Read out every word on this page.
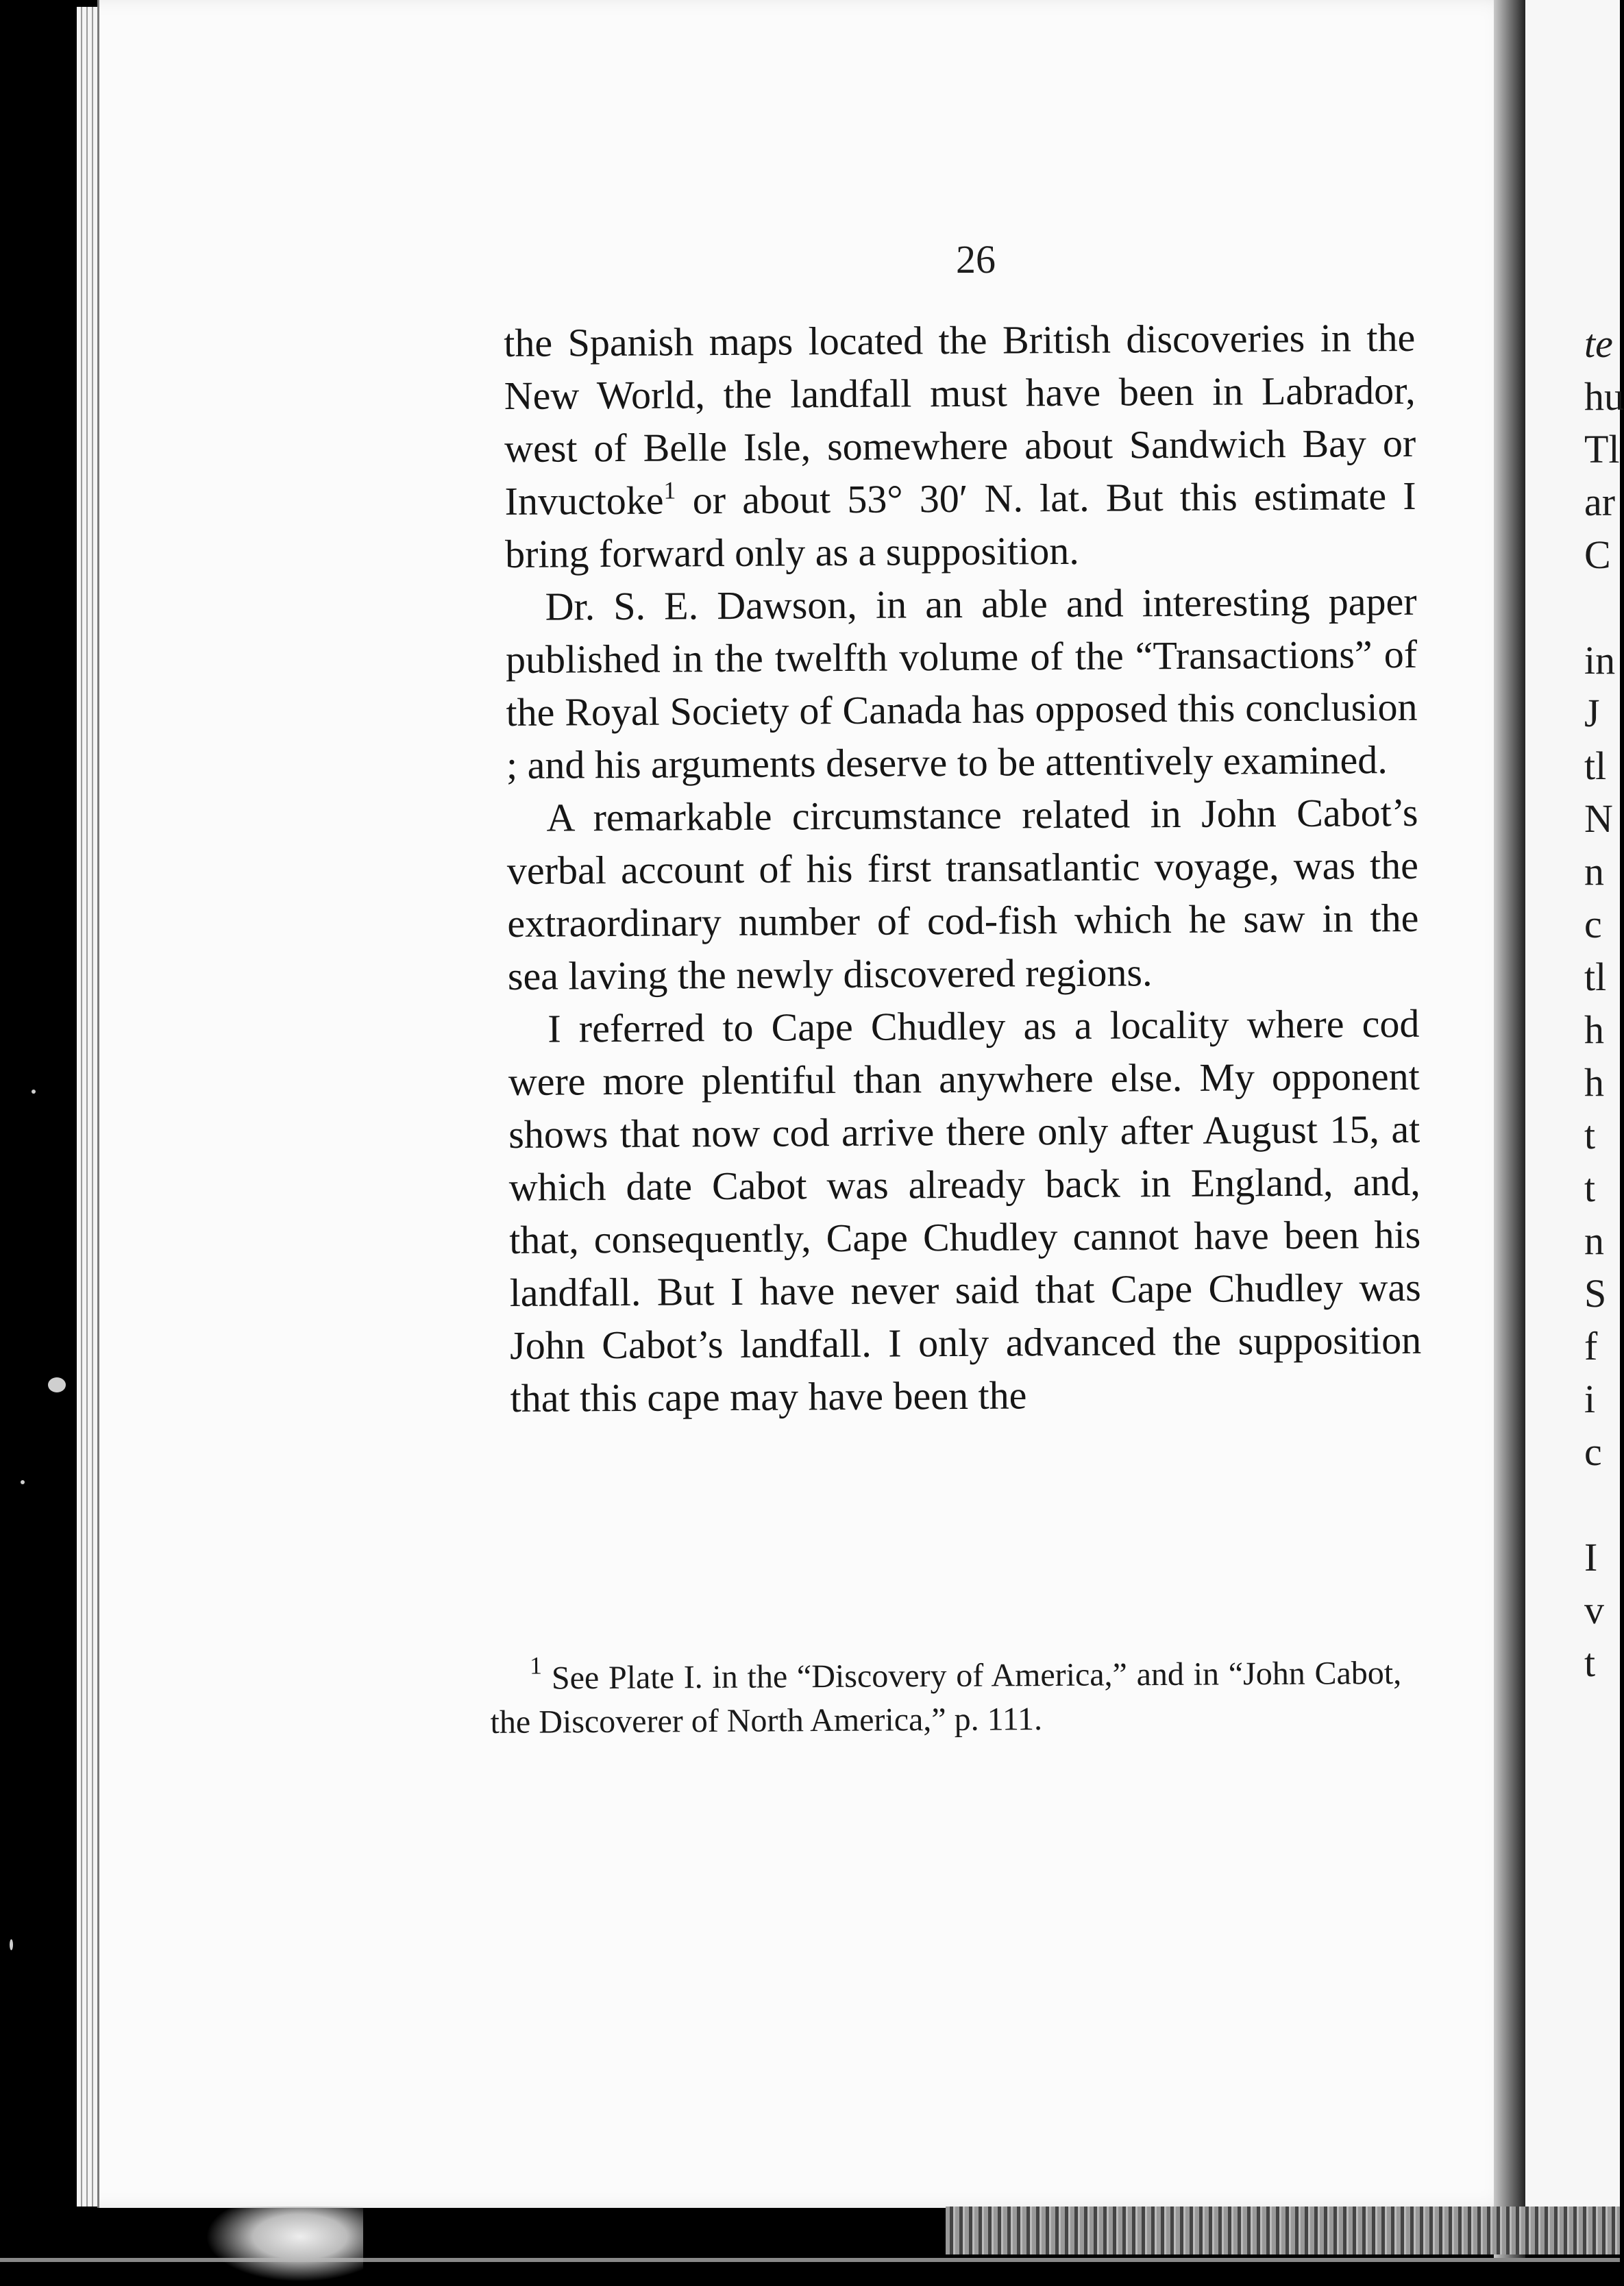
te
hu
Tl
ar
C
in
J
tl
N
n
c
tl
h
h
t
t
n
S
f
i
c
I
v
t
26

the Spanish maps located the British discoveries in the New World, the landfall must have been in Labrador, west of Belle Isle, somewhere about Sandwich Bay or Invuctoke$^1$ or about 53° 30′ N. lat. But this estimate I bring forward only as a supposition.

Dr. S. E. Dawson, in an able and interesting paper published in the twelfth volume of the “Transactions” of the Royal Society of Canada has opposed this conclusion ; and his arguments deserve to be attentively examined.

A remarkable circumstance related in John Cabot’s verbal account of his first transatlantic voyage, was the extraordinary number of cod-fish which he saw in the sea laving the newly discovered regions.

I referred to Cape Chudley as a locality where cod were more plentiful than anywhere else. My opponent shows that now cod arrive there only after August 15, at which date Cabot was already back in England, and, that, consequently, Cape Chudley cannot have been his landfall. But I have never said that Cape Chudley was John Cabot’s landfall. I only advanced the supposition that this cape may have been the

$^1$ See Plate I. in the “Discovery of America,” and in “John Cabot, the Discoverer of North America,” p. 111.
